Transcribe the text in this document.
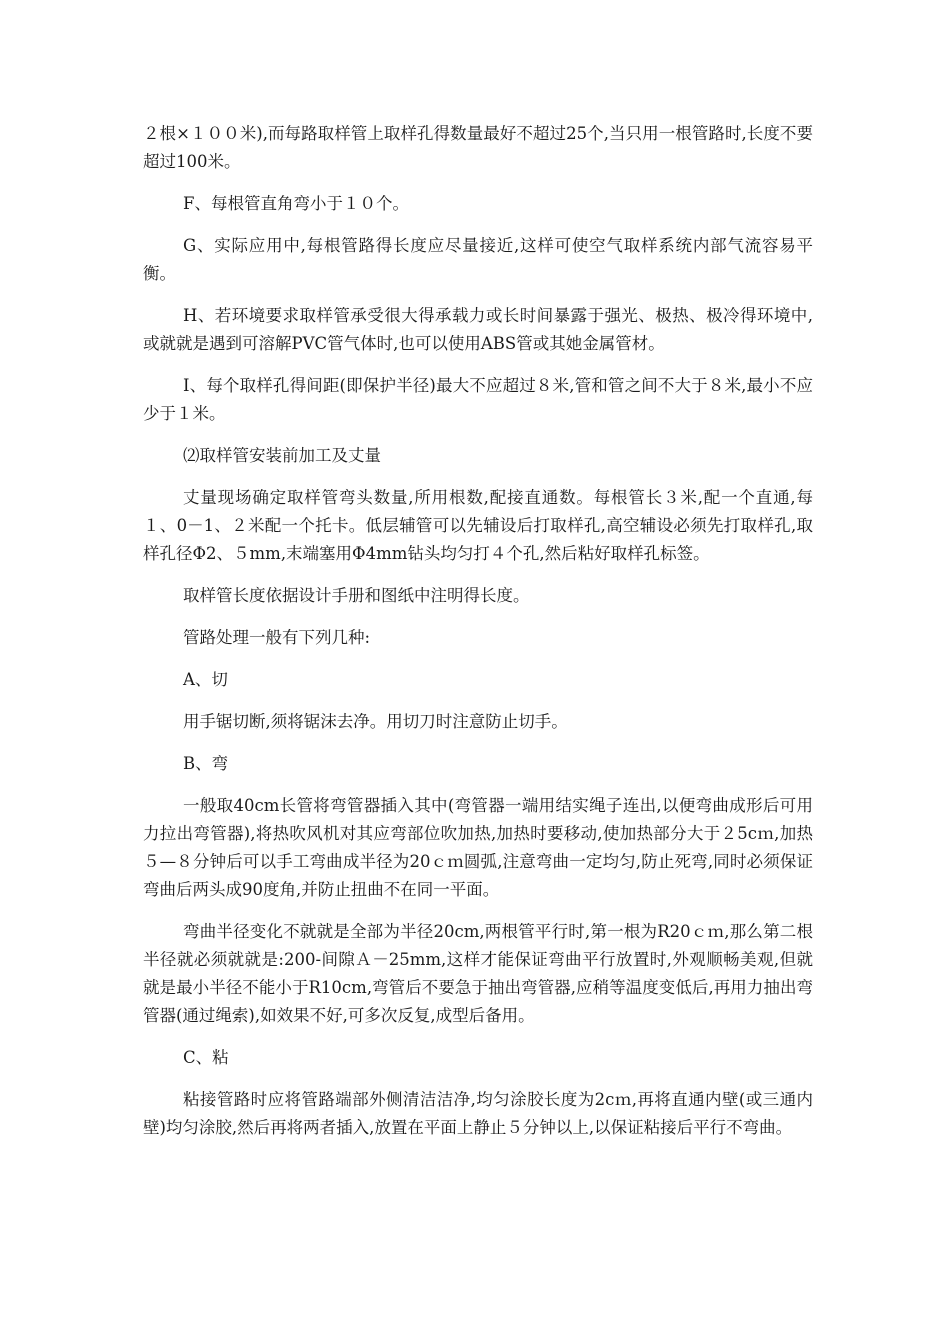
２根×１００米),而每路取样管上取样孔得数量最好不超过25个,当只用一根管路时,长度不要超过100米。

F、每根管直角弯小于１０个。

G、实际应用中,每根管路得长度应尽量接近,这样可使空气取样系统内部气流容易平衡。

H、若环境要求取样管承受很大得承载力或长时间暴露于强光、极热、极冷得环境中,或就就是遇到可溶解PVC管气体时,也可以使用ABS管或其她金属管材。

I、每个取样孔得间距(即保护半径)最大不应超过８米,管和管之间不大于８米,最小不应少于１米。

⑵取样管安装前加工及丈量

丈量现场确定取样管弯头数量,所用根数,配接直通数。每根管长３米,配一个直通,每１、0－1、２米配一个托卡。低层辅管可以先辅设后打取样孔,高空辅设必须先打取样孔,取样孔径Φ2、５mm,末端塞用Φ4mm钻头均匀打４个孔,然后粘好取样孔标签。

取样管长度依据设计手册和图纸中注明得长度。

管路处理一般有下列几种:

A、切

用手锯切断,须将锯沫去净。用切刀时注意防止切手。

B、弯

一般取40cm长管将弯管器插入其中(弯管器一端用结实绳子连出,以便弯曲成形后可用力拉出弯管器),将热吹风机对其应弯部位吹加热,加热时要移动,使加热部分大于２5cｍ,加热５—８分钟后可以手工弯曲成半径为20ｃｍ圆弧,注意弯曲一定均匀,防止死弯,同时必须保证弯曲后两头成90度角,并防止扭曲不在同一平面。

弯曲半径变化不就就是全部为半径20cm,两根管平行时,第一根为R20ｃｍ,那么第二根半径就必须就就是:200-间隙Ａ－25mm,这样才能保证弯曲平行放置时,外观顺畅美观,但就就是最小半径不能小于R10cm,弯管后不要急于抽出弯管器,应稍等温度变低后,再用力抽出弯管器(通过绳索),如效果不好,可多次反复,成型后备用。

C、粘

粘接管路时应将管路端部外侧清洁洁净,均匀涂胶长度为2cｍ,再将直通内壁(或三通内壁)均匀涂胶,然后再将两者插入,放置在平面上静止５分钟以上,以保证粘接后平行不弯曲。
